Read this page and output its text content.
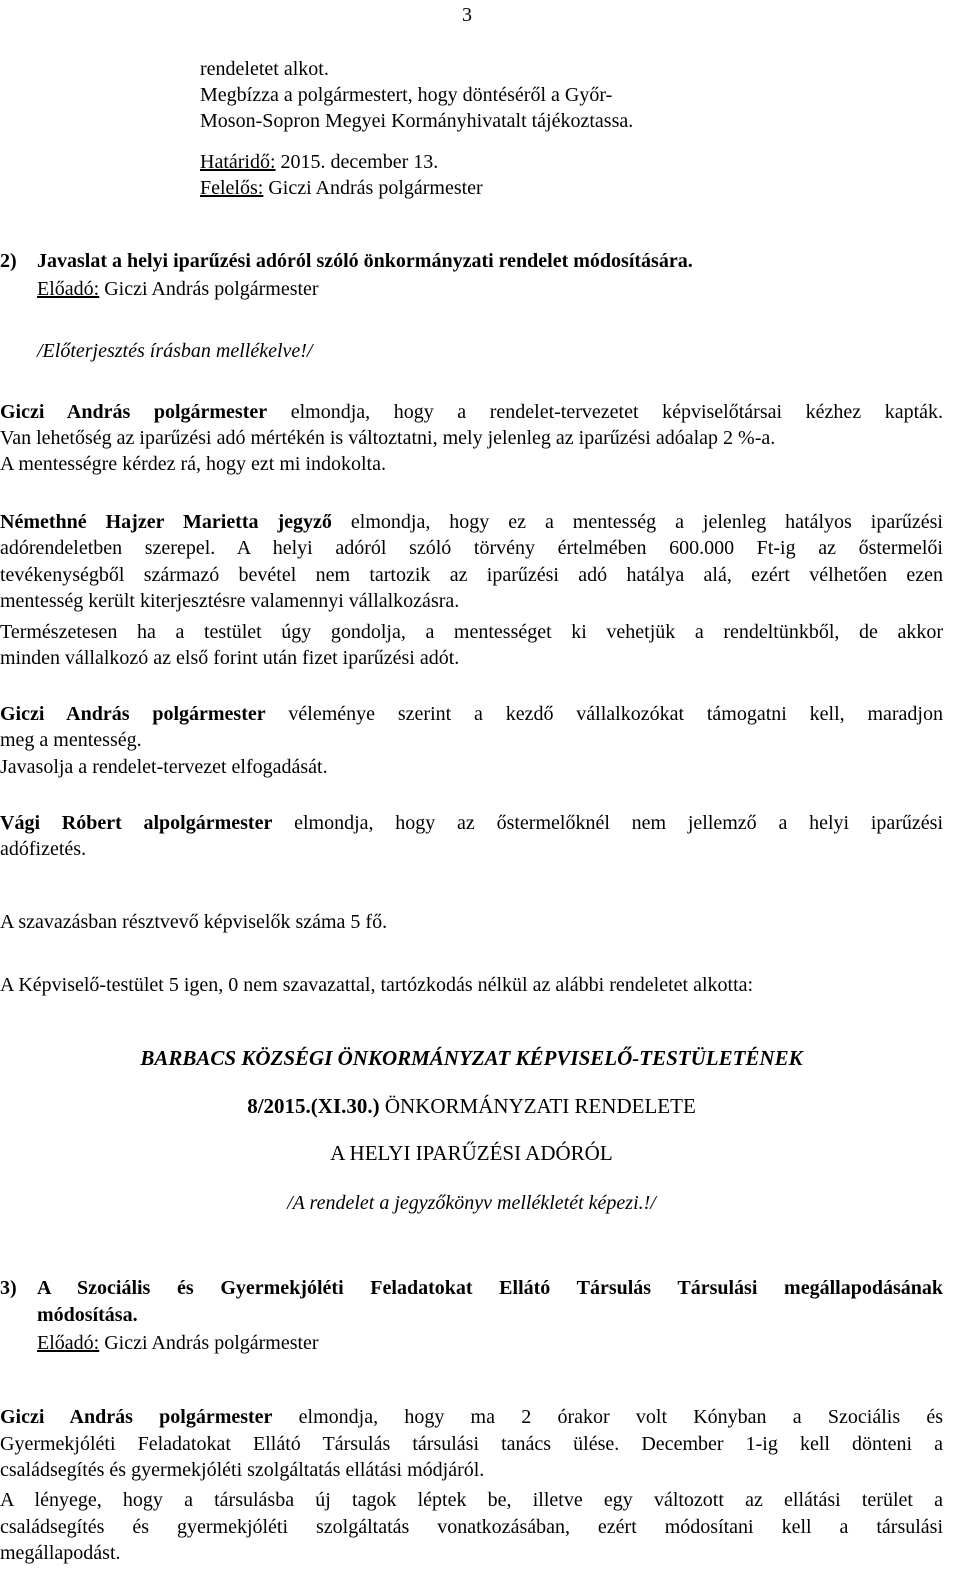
3
rendeletet alkot.
Megbízza a polgármestert, hogy döntéséről a Győr-
Moson-Sopron Megyei Kormányhivatalt tájékoztassa.
Határidő: 2015. december 13.
Felelős: Giczi András polgármester
2) Javaslat a helyi iparűzési adóról szóló önkormányzati rendelet módosítására.
Előadó: Giczi András polgármester
/Előterjesztés írásban mellékelve!/
Giczi András polgármester elmondja, hogy a rendelet-tervezetet képviselőtársai kézhez kapták.
Van lehetőség az iparűzési adó mértékén is változtatni, mely jelenleg az iparűzési adóalap 2 %-a.
A mentességre kérdez rá, hogy ezt mi indokolta.
Némethné Hajzer Marietta jegyző elmondja, hogy ez a mentesség a jelenleg hatályos iparűzési
adórendeletben szerepel. A helyi adóról szóló törvény értelmében 600.000 Ft-ig az őstermelői
tevékenységből származó bevétel nem tartozik az iparűzési adó hatálya alá, ezért vélhetően ezen
mentesség került kiterjesztésre valamennyi vállalkozásra.
Természetesen ha a testület úgy gondolja, a mentességet ki vehetjük a rendeltünkből, de akkor
minden vállalkozó az első forint után fizet iparűzési adót.
Giczi András polgármester véleménye szerint a kezdő vállalkozókat támogatni kell, maradjon
meg a mentesség.
Javasolja a rendelet-tervezet elfogadását.
Vági Róbert alpolgármester elmondja, hogy az őstermelőknél nem jellemző a helyi iparűzési
adófizetés.
A szavazásban résztvevő képviselők száma 5 fő.
A Képviselő-testület 5 igen, 0 nem szavazattal, tartózkodás nélkül az alábbi rendeletet alkotta:
BARBACS KÖZSÉGI ÖNKORMÁNYZAT KÉPVISELŐ-TESTÜLETÉNEK
8/2015.(XI.30.) ÖNKORMÁNYZATI RENDELETE
A HELYI IPARŰZÉSI ADÓRÓL
/A rendelet a jegyzőkönyv mellékletét képezi.!/
3) A Szociális és Gyermekjóléti Feladatokat Ellátó Társulás Társulási megállapodásának
módosítása.
Előadó: Giczi András polgármester
Giczi András polgármester elmondja, hogy ma 2 órakor volt Kónyban a Szociális és
Gyermekjóléti Feladatokat Ellátó Társulás társulási tanács ülése. December 1-ig kell dönteni a
családsegítés és gyermekjóléti szolgáltatás ellátási módjáról.
A lényege, hogy a társulásba új tagok léptek be, illetve egy változott az ellátási terület a
családsegítés és gyermekjóléti szolgáltatás vonatkozásában, ezért módosítani kell a társulási
megállapodást.
